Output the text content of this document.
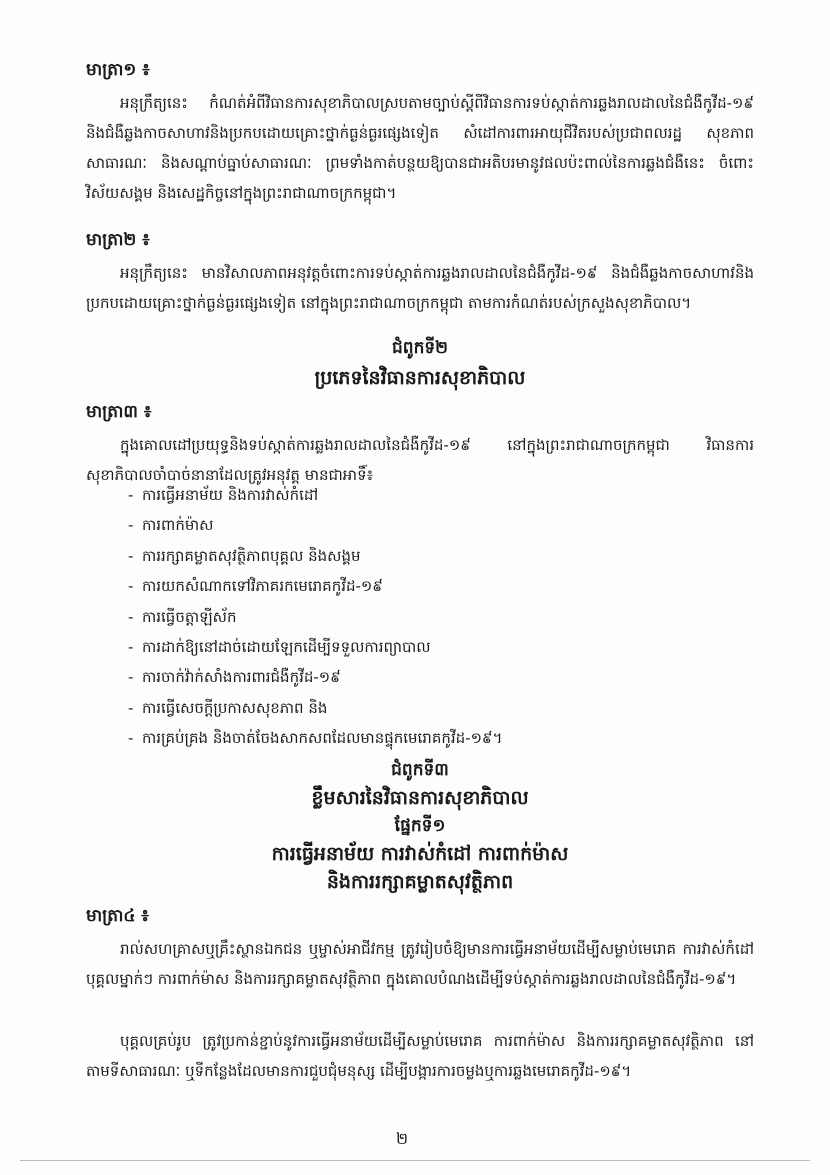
មាត្រា១ ៖

អនុក្រឹត្យនេះ កំណត់អំពីវិធានការសុខាភិបាលស្របតាមច្បាប់ស្តីពីវិធានការទប់ស្កាត់ការឆ្លងរាលដាលនៃជំងឺកូវីដ-១៩ និងជំងឺឆ្លងកាចសាហាវនិងប្រកបដោយគ្រោះថ្នាក់ធ្ងន់ធ្ងរផ្សេងទៀត សំដៅការពារអាយុជីវិតរបស់ប្រជាពលរដ្ឋ សុខភាពសាធារណៈ និងសណ្តាប់ធ្នាប់សាធារណៈ ព្រមទាំងកាត់បន្ថយឱ្យបានជាអតិបរមានូវផលប៉ះពាល់នៃការឆ្លងជំងឺនេះ ចំពោះវិស័យសង្គម និងសេដ្ឋកិច្ចនៅក្នុងព្រះរាជាណាចក្រកម្ពុជា។

មាត្រា២ ៖

អនុក្រឹត្យនេះ មានវិសាលភាពអនុវត្តចំពោះការទប់ស្កាត់ការឆ្លងរាលដាលនៃជំងឺកូវីដ-១៩ និងជំងឺឆ្លងកាចសាហាវនិងប្រកបដោយគ្រោះថ្នាក់ធ្ងន់ធ្ងរផ្សេងទៀត នៅក្នុងព្រះរាជាណាចក្រកម្ពុជា តាមការកំណត់របស់ក្រសួងសុខាភិបាល។

ជំពូកទី២

ប្រភេទនៃវិធានការសុខាភិបាល

មាត្រា៣ ៖

ក្នុងគោលដៅប្រយុទ្ធនិងទប់ស្កាត់ការឆ្លងរាលដាលនៃជំងឺកូវីដ-១៩ នៅក្នុងព្រះរាជាណាចក្រកម្ពុជា វិធានការសុខាភិបាលចាំបាច់នានាដែលត្រូវអនុវត្ត មានជាអាទិ៍៖

- ការធ្វើអនាម័យ និងការវាស់កំដៅ
- ការពាក់ម៉ាស
- ការរក្សាគម្លាតសុវត្ថិភាពបុគ្គល និងសង្គម
- ការយកសំណាកទៅវិភាគរកមេរោគកូវីដ-១៩
- ការធ្វើចត្តាឡីស័ក
- ការដាក់ឱ្យនៅដាច់ដោយឡែកដើម្បីទទួលការព្យាបាល
- ការចាក់វ៉ាក់សាំងការពារជំងឺកូវីដ-១៩
- ការធ្វើសេចក្តីប្រកាសសុខភាព និង
- ការគ្រប់គ្រង និងចាត់ចែងសាកសពដែលមានផ្ទុកមេរោគកូវីដ-១៩។

ជំពូកទី៣

ខ្លឹមសារនៃវិធានការសុខាភិបាល

ផ្នែកទី១

ការធ្វើអនាម័យ ការវាស់កំដៅ ការពាក់ម៉ាស

និងការរក្សាគម្លាតសុវត្ថិភាព

មាត្រា៤ ៖

រាល់សហគ្រាសឬគ្រឹះស្ថានឯកជន ឬម្ចាស់អាជីវកម្ម ត្រូវរៀបចំឱ្យមានការធ្វើអនាម័យដើម្បីសម្លាប់មេរោគ ការវាស់កំដៅបុគ្គលម្នាក់ៗ ការពាក់ម៉ាស និងការរក្សាគម្លាតសុវត្ថិភាព ក្នុងគោលបំណងដើម្បីទប់ស្កាត់ការឆ្លងរាលដាលនៃជំងឺកូវីដ-១៩។

បុគ្គលគ្រប់រូប ត្រូវប្រកាន់ខ្ជាប់នូវការធ្វើអនាម័យដើម្បីសម្លាប់មេរោគ ការពាក់ម៉ាស និងការរក្សាគម្លាតសុវត្ថិភាព នៅតាមទីសាធារណៈ ឬទីកន្លែងដែលមានការជួបជុំមនុស្ស ដើម្បីបង្ការការចម្លងឬការឆ្លងមេរោគកូវីដ-១៩។

២
